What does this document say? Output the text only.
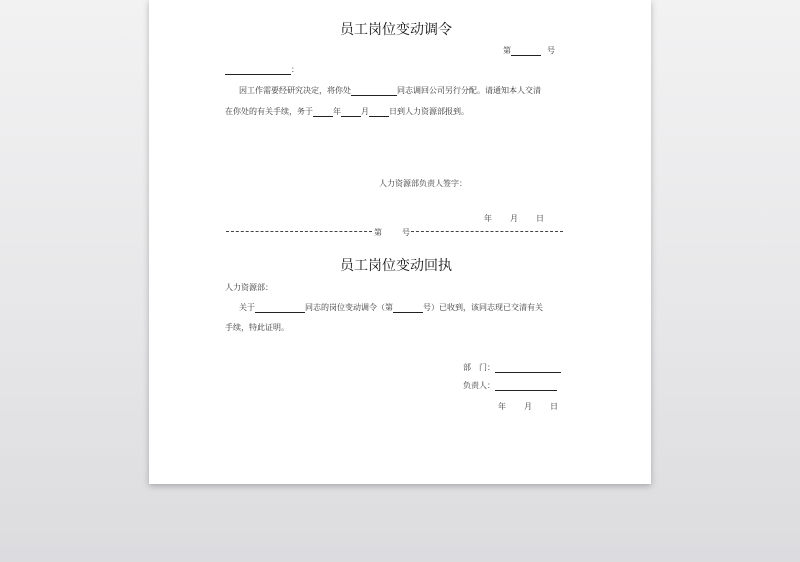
员工岗位变动调令
第	号
：
因工作需要经研究决定，将你处	同志调回公司另行分配。请通知本人交清
在你处的有关手续，务于	年	月	日到人力资源部报到。
人力资源部负责人签字：
年 月 日
第	号
员工岗位变动回执
人力资源部：
关于	同志的岗位变动调令（第	号）已收到，该同志现已交清有关
手续，特此证明。
部　门：
负责人：
年 月 日
